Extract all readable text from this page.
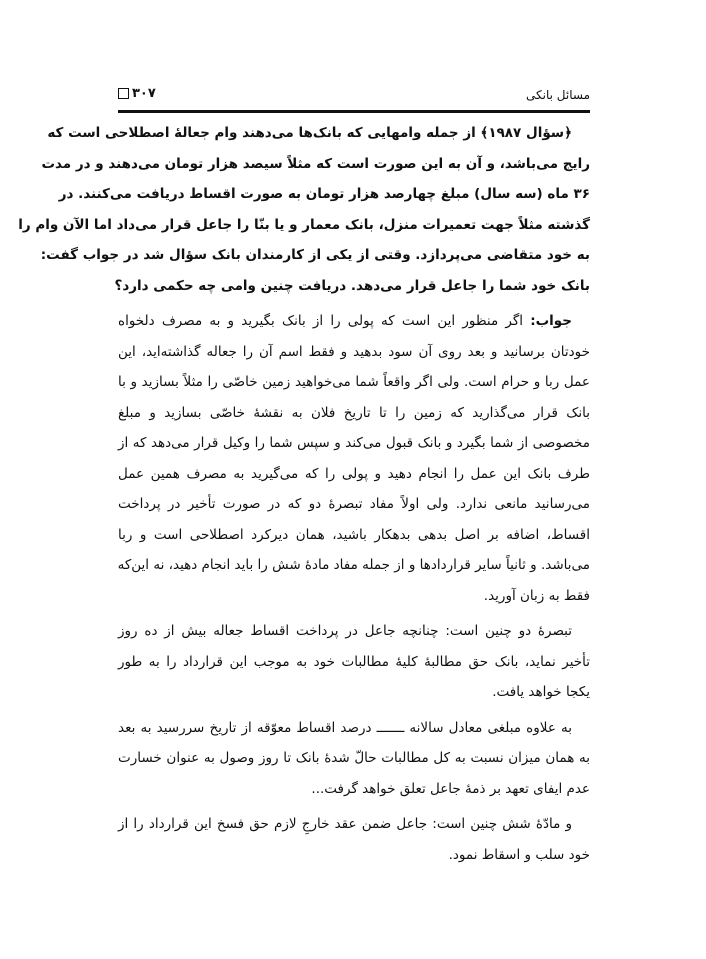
مسائل بانکی
۳۰۷
﴿سؤال ۱۹۸۷﴾ از جمله وامهایی که بانک‌ها می‌دهند وام جعالهٔ اصطلاحی است که
رایج می‌باشد، و آن به این صورت است که مثلاً سیصد هزار تومان می‌دهند و در مدت
۳۶ ماه (سه سال) مبلغ چهارصد هزار تومان به صورت اقساط دریافت می‌کنند. در
گذشته مثلاً جهت تعمیرات منزل، بانک معمار و یا بنّا را جاعل قرار می‌داد اما الآن وام را
به خود متقاضی می‌پردازد. وقتی از یکی از کارمندان بانک سؤال شد در جواب گفت:
بانک خود شما را جاعل قرار می‌دهد. دریافت چنین وامی چه حکمی دارد؟
جواب: اگر منظور این است که پولی را از بانک بگیرید و به مصرف دلخواه
خودتان برسانید و بعد روی آن سود بدهید و فقط اسم آن را جعاله گذاشته‌اید، این
عمل ربا و حرام است. ولی اگر واقعاً شما می‌خواهید زمین خاصّی را مثلاً بسازید و با
بانک قرار می‌گذارید که زمین را تا تاریخ فلان به نقشهٔ خاصّی بسازید و مبلغ
مخصوصی از شما بگیرد و بانک قبول می‌کند و سپس شما را وکیل قرار می‌دهد که از
طرف بانک این عمل را انجام دهید و پولی را که می‌گیرید به مصرف همین عمل
می‌رسانید مانعی ندارد. ولی اولاً مفاد تبصرهٔ دو که در صورت تأخیر در پرداخت
اقساط، اضافه بر اصل بدهی بدهکار باشید، همان دیرکرد اصطلاحی است و ربا
می‌باشد. و ثانیاً سایر قراردادها و از جمله مفاد مادهٔ شش را باید انجام دهید، نه این‌که
فقط به زبان آورید.
تبصرهٔ دو چنین است: چنانچه جاعل در پرداخت اقساط جعاله بیش از ده روز
تأخیر نماید، بانک حق مطالبهٔ کلیهٔ مطالبات خود به موجب این قرارداد را به طور
یکجا خواهد یافت.
به علاوه مبلغی معادل سالانه ـــــــ درصد اقساط معوّقه از تاریخ سررسید به بعد
به همان میزان نسبت به کل مطالبات حالّ شدهٔ بانک تا روز وصول به عنوان خسارت
عدم ایفای تعهد بر ذمهٔ جاعل تعلق خواهد گرفت...
و مادّهٔ شش چنین است: جاعل ضمن عقد خارجِ لازم حق فسخ این قرارداد را از
خود سلب و اسقاط نمود.
